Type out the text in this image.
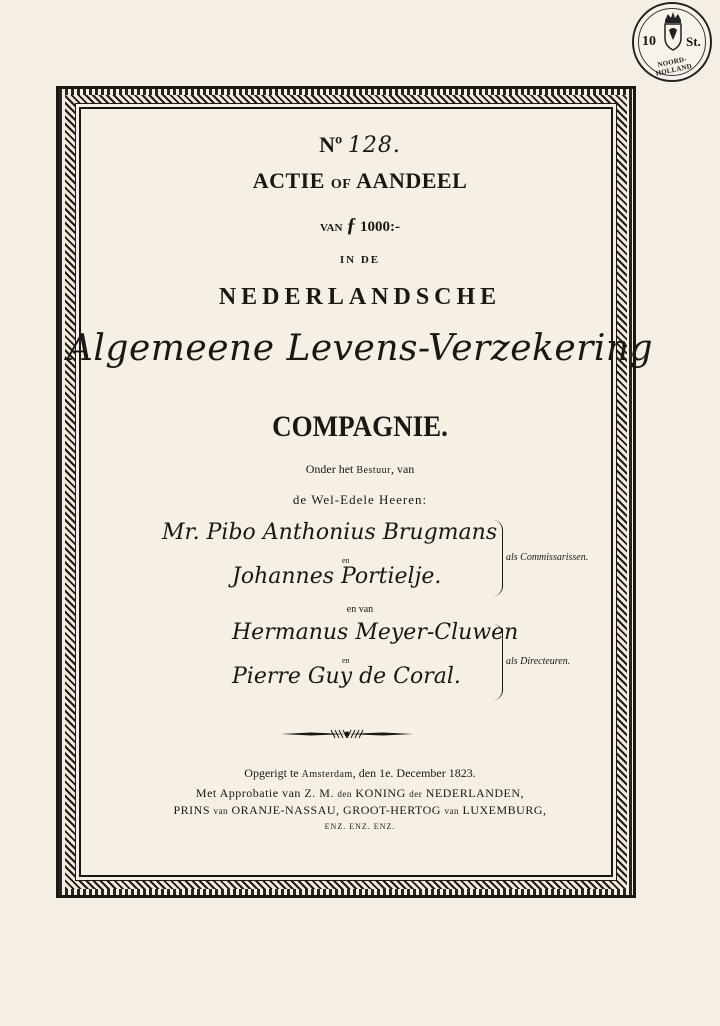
10 St.
NOORD-HOLLAND
Nº 128.
ACTIE OF AANDEEL
VAN ƒ 1000:-
IN DE
NEDERLANDSCHE
Algemeene Levens-Verzekering
COMPAGNIE.
Onder het Bestuur, van
de Wel-Edele Heeren:
Mr. Pibo Anthonius Brugmans
en
Johannes Portielje.
als Commissarissen.
en van
Hermanus Meyer-Cluwen
en
Pierre Guy de Coral.
als Directeuren.
Opgerigt te Amsterdam, den 1e. December 1823.
Met Approbatie van Z. M. den KONING der NEDERLANDEN,
PRINS van ORANJE-NASSAU, GROOT-HERTOG van LUXEMBURG,
ENZ. ENZ. ENZ.
